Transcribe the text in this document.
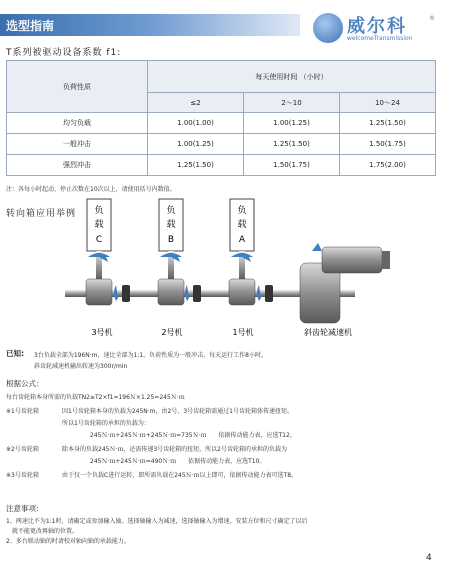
选型指南	威尔科	®
welcomeTransmission
T系列被驱动设备系数 f1:
负荷性质	每天使用时间 （小时）		
	≤2	2～10	10～24
均匀负载	1.00(1.00)	1.00(1.25)	1.25(1.50)
一般冲击	1.00(1.25)	1.25(1.50)	1.50(1.75)
强烈冲击	1.25(1.50)	1.50(1.75)	1.75(2.00)
注：各每小时起动、停止次数在10次以上，请使用括号内数值。
转向箱应用举例 负
载
C
负
载
B
负
载
A
3号机	2号机	1号机	斜齿轮减速机
已知: 3台负载全部为196N·m，速比全部为1:1，负荷性质为一般冲击，每天运行工作8小时。
斜齿轮减速机输出转速为300r/min
根据公式：
每台齿轮箱本身所需的负载TN2≥T2×f1=196Ｎ×1.25=245Ｎ·ｍ
※1号齿轮箱	因1号齿轮箱本身的负载为245N·m，由2号、3号齿轮箱需通过1号齿轮箱体传递扭矩。
所以1号齿轮箱的承担的负载为：
245Ｎ·ｍ+245Ｎ·ｍ+245Ｎ·ｍ=735Ｎ·ｍ　　依据传动能力表，应选T12。
※2号齿轮箱	除本身的负载245Ｎ·ｍ，还需传递3号齿轮箱的扭矩，所以2号齿轮箱的承担的负载为
245Ｎ·ｍ+245Ｎ·ｍ=490Ｎ·ｍ　　依据传动能力表，应选T10。
※3号齿轮箱	由于仅一个负载C进行运转，即所需负载在245Ｎ·ｍ以上即可，依据传动能力表可选T8。
注意事项:
1、两速比不为1:1时，请确定或参加输入轴。选择轴输入为减速，选择轴输入为增速，安装方位和尺寸确定了以后
　就不能更改再轴的位置。
2、多台联动轴的时请校对轴向轴的承载能力。
4
